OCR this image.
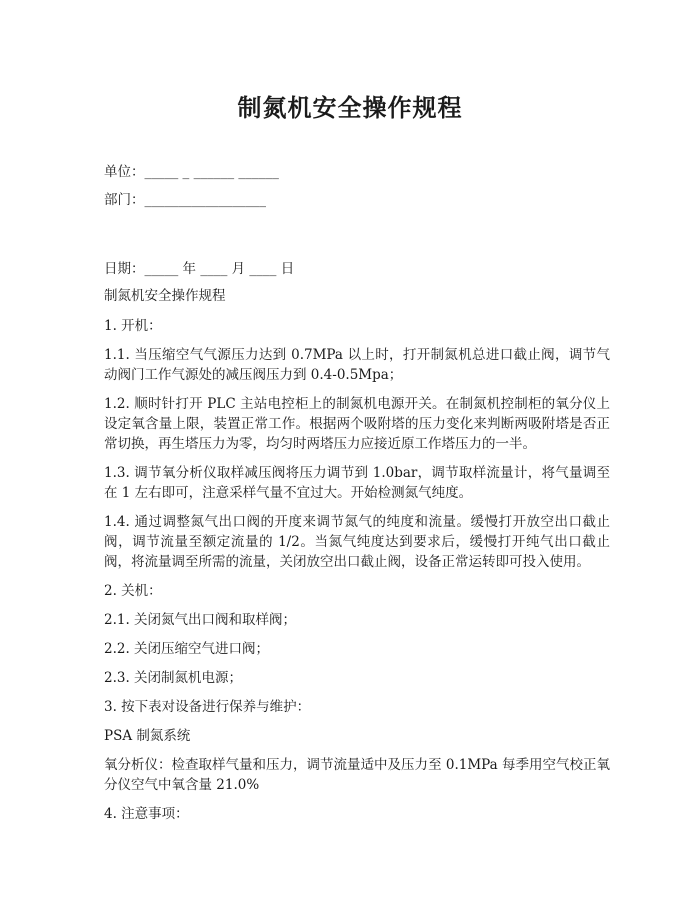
制氮机安全操作规程
单位：_____ _ ______ ______
部门：__________________
日期：_____ 年 ____ 月 ____ 日

制氮机安全操作规程

1. 开机：

1.1. 当压缩空气气源压力达到 0.7MPa 以上时，打开制氮机总进口截止阀，调节气动阀门工作气源处的减压阀压力到 0.4-0.5Mpa；

1.2. 顺时针打开 PLC 主站电控柜上的制氮机电源开关。在制氮机控制柜的氧分仪上设定氧含量上限，装置正常工作。根据两个吸附塔的压力变化来判断两吸附塔是否正常切换，再生塔压力为零，均匀时两塔压力应接近原工作塔压力的一半。

1.3. 调节氧分析仪取样减压阀将压力调节到 1.0bar，调节取样流量计，将气量调至在 1 左右即可，注意采样气量不宜过大。开始检测氮气纯度。

1.4. 通过调整氮气出口阀的开度来调节氮气的纯度和流量。缓慢打开放空出口截止阀，调节流量至额定流量的 1/2。当氮气纯度达到要求后，缓慢打开纯气出口截止阀，将流量调至所需的流量，关闭放空出口截止阀，设备正常运转即可投入使用。

2. 关机：

2.1. 关闭氮气出口阀和取样阀；

2.2. 关闭压缩空气进口阀；

2.3. 关闭制氮机电源；

3. 按下表对设备进行保养与维护：

PSA 制氮系统

氧分析仪：检查取样气量和压力，调节流量适中及压力至 0.1MPa 每季用空气校正氧分仪空气中氧含量 21.0%

4. 注意事项：
